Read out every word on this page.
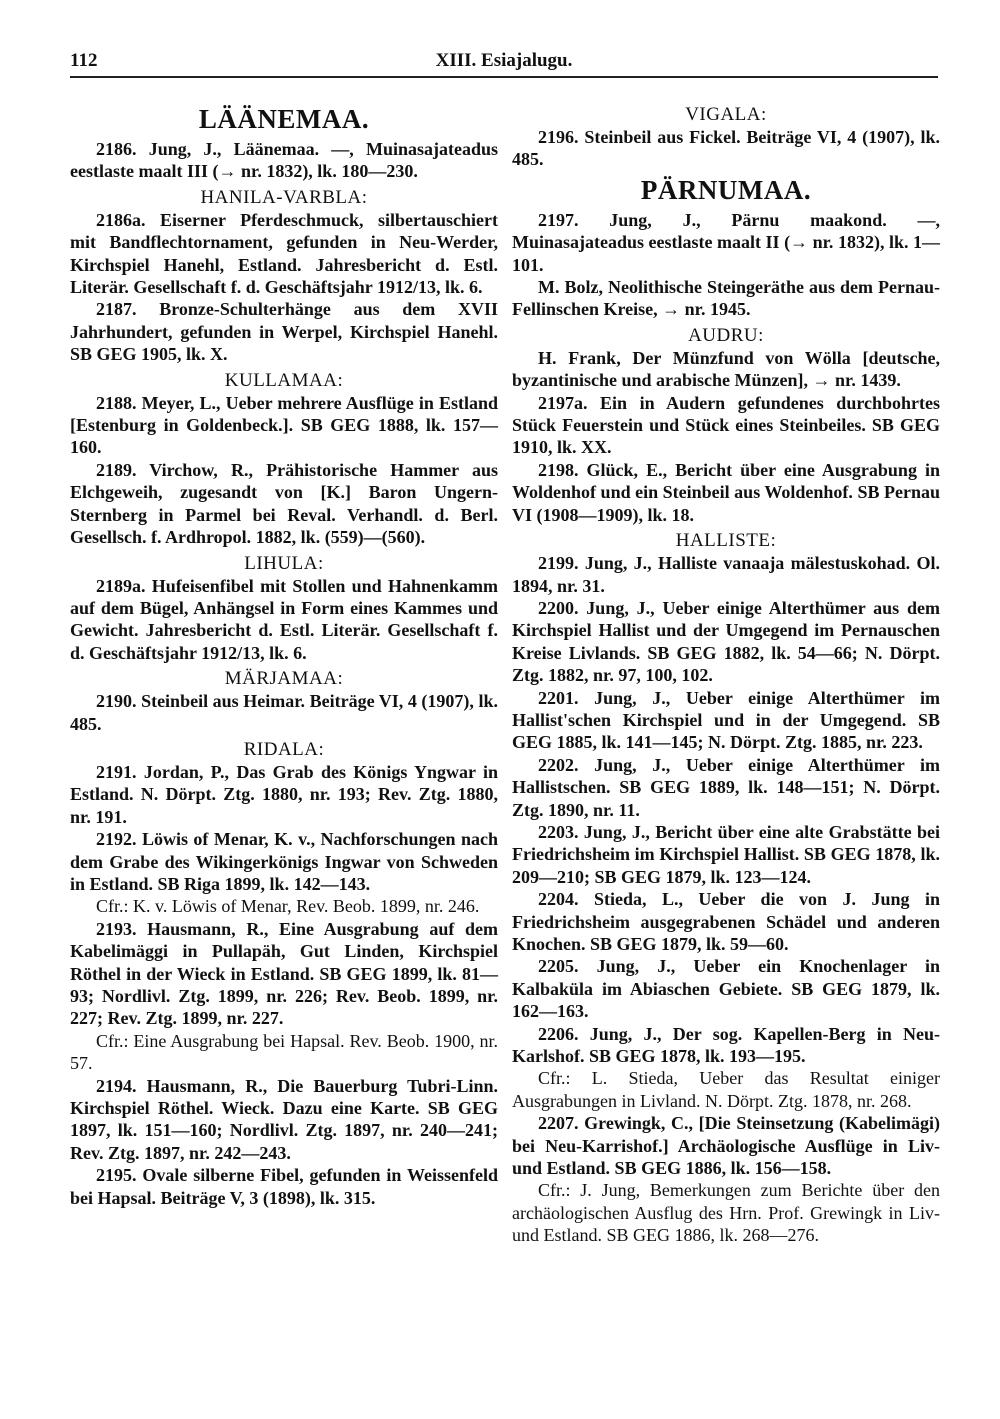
112	XIII. Esiajalugu.
LÄÄNEMAA.

2186. Jung, J., Läänemaa. —, Muinasajateadus eestlaste maalt III (→ nr. 1832), lk. 180—230.

HANILA-VARBLA:

2186a. Eiserner Pferdeschmuck, silbertauschiert mit Bandflechtornament, gefunden in Neu-Werder, Kirchspiel Hanehl, Estland. Jahresbericht d. Estl. Literär. Gesellschaft f. d. Geschäftsjahr 1912/13, lk. 6.

2187. Bronze-Schulterhänge aus dem XVII Jahrhundert, gefunden in Werpel, Kirchspiel Hanehl. SB GEG 1905, lk. X.

KULLAMAA:

2188. Meyer, L., Ueber mehrere Ausflüge in Estland [Estenburg in Goldenbeck.]. SB GEG 1888, lk. 157—160.

2189. Virchow, R., Prähistorische Hammer aus Elchgeweih, zugesandt von [K.] Baron Ungern-Sternberg in Parmel bei Reval. Verhandl. d. Berl. Gesellsch. f. Ardhropol. 1882, lk. (559)—(560).

LIHULA:

2189a. Hufeisenfibel mit Stollen und Hahnenkamm auf dem Bügel, Anhängsel in Form eines Kammes und Gewicht. Jahresbericht d. Estl. Literär. Gesellschaft f. d. Geschäftsjahr 1912/13, lk. 6.

MÄRJAMAA:

2190. Steinbeil aus Heimar. Beiträge VI, 4 (1907), lk. 485.

RIDALA:

2191. Jordan, P., Das Grab des Königs Yngwar in Estland. N. Dörpt. Ztg. 1880, nr. 193; Rev. Ztg. 1880, nr. 191.

2192. Löwis of Menar, K. v., Nachforschungen nach dem Grabe des Wikingerkönigs Ingwar von Schweden in Estland. SB Riga 1899, lk. 142—143.

Cfr.: K. v. Löwis of Menar, Rev. Beob. 1899, nr. 246.

2193. Hausmann, R., Eine Ausgrabung auf dem Kabelimäggi in Pullapäh, Gut Linden, Kirchspiel Röthel in der Wieck in Estland. SB GEG 1899, lk. 81—93; Nordlivl. Ztg. 1899, nr. 226; Rev. Beob. 1899, nr. 227; Rev. Ztg. 1899, nr. 227.

Cfr.: Eine Ausgrabung bei Hapsal. Rev. Beob. 1900, nr. 57.

2194. Hausmann, R., Die Bauerburg Tubri-Linn. Kirchspiel Röthel. Wieck. Dazu eine Karte. SB GEG 1897, lk. 151—160; Nordlivl. Ztg. 1897, nr. 240—241; Rev. Ztg. 1897, nr. 242—243.

2195. Ovale silberne Fibel, gefunden in Weissenfeld bei Hapsal. Beiträge V, 3 (1898), lk. 315.

VIGALA:

2196. Steinbeil aus Fickel. Beiträge VI, 4 (1907), lk. 485.

PÄRNUMAA.

2197. Jung, J., Pärnu maakond. —, Muinasajateadus eestlaste maalt II (→ nr. 1832), lk. 1—101.

M. Bolz, Neolithische Steingeräthe aus dem Pernau-Fellinschen Kreise, → nr. 1945.

AUDRU:

H. Frank, Der Münzfund von Wölla [deutsche, byzantinische und arabische Münzen], → nr. 1439.

2197a. Ein in Audern gefundenes durchbohrtes Stück Feuerstein und Stück eines Steinbeiles. SB GEG 1910, lk. XX.

2198. Glück, E., Bericht über eine Ausgrabung in Woldenhof und ein Steinbeil aus Woldenhof. SB Pernau VI (1908—1909), lk. 18.

HALLISTE:

2199. Jung, J., Halliste vanaaja mälestuskohad. Ol. 1894, nr. 31.

2200. Jung, J., Ueber einige Alterthümer aus dem Kirchspiel Hallist und der Umgegend im Pernauschen Kreise Livlands. SB GEG 1882, lk. 54—66; N. Dörpt. Ztg. 1882, nr. 97, 100, 102.

2201. Jung, J., Ueber einige Alterthümer im Hallist'schen Kirchspiel und in der Umgegend. SB GEG 1885, lk. 141—145; N. Dörpt. Ztg. 1885, nr. 223.

2202. Jung, J., Ueber einige Alterthümer im Hallistschen. SB GEG 1889, lk. 148—151; N. Dörpt. Ztg. 1890, nr. 11.

2203. Jung, J., Bericht über eine alte Grabstätte bei Friedrichsheim im Kirchspiel Hallist. SB GEG 1878, lk. 209—210; SB GEG 1879, lk. 123—124.

2204. Stieda, L., Ueber die von J. Jung in Friedrichsheim ausgegrabenen Schädel und anderen Knochen. SB GEG 1879, lk. 59—60.

2205. Jung, J., Ueber ein Knochenlager in Kalbaküla im Abiaschen Gebiete. SB GEG 1879, lk. 162—163.

2206. Jung, J., Der sog. Kapellen-Berg in Neu-Karlshof. SB GEG 1878, lk. 193—195.

Cfr.: L. Stieda, Ueber das Resultat einiger Ausgrabungen in Livland. N. Dörpt. Ztg. 1878, nr. 268.

2207. Grewingk, C., [Die Steinsetzung (Kabelimägi) bei Neu-Karrishof.] Archäologische Ausflüge in Liv- und Estland. SB GEG 1886, lk. 156—158.

Cfr.: J. Jung, Bemerkungen zum Berichte über den archäologischen Ausflug des Hrn. Prof. Grewingk in Liv- und Estland. SB GEG 1886, lk. 268—276.
